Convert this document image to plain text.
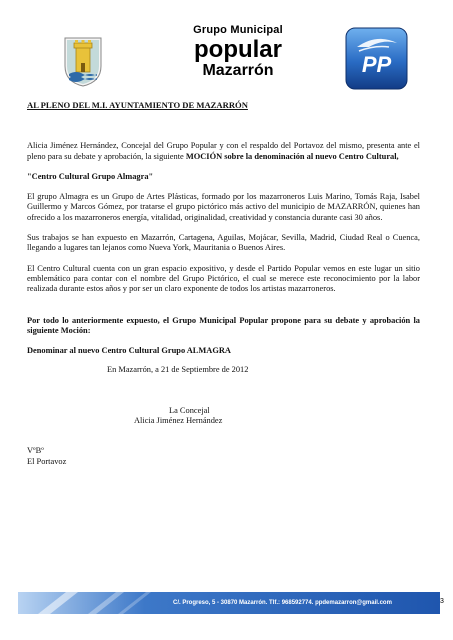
Grupo Municipal
popular
Mazarrón	PP
AL PLENO DEL M.I. AYUNTAMIENTO DE MAZARRÓN
Alicia Jiménez Hernández, Concejal del Grupo Popular y con el respaldo del Portavoz del mismo, presenta ante el pleno para su debate y aprobación, la siguiente MOCIÓN sobre la denominación al nuevo Centro Cultural,
"Centro Cultural Grupo Almagra"
El grupo Almagra es un Grupo de Artes Plásticas, formado por los mazarroneros Luis Marino, Tomás Raja, Isabel Guillermo y Marcos Gómez, por tratarse el grupo pictórico más activo del municipio de MAZARRÓN, quienes han ofrecido a los mazarroneros energía, vitalidad, originalidad, creatividad y constancia durante casi 30 años.
Sus trabajos se han expuesto en Mazarrón, Cartagena, Aguilas, Mojácar, Sevilla, Madrid, Ciudad Real o Cuenca, llegando a lugares tan lejanos como Nueva York, Mauritania o Buenos Aires.
El Centro Cultural cuenta con un gran espacio expositivo, y desde el Partido Popular vemos en este lugar un sitio emblemático para contar con el nombre del Grupo Pictórico, el cual se merece este reconocimiento por la labor realizada durante estos años y por ser un claro exponente de todos los artistas mazarroneros.
Por todo lo anteriormente expuesto, el Grupo Municipal Popular propone para su debate y aprobación la siguiente Moción:
Denominar al nuevo Centro Cultural Grupo ALMAGRA
En Mazarrón, a 21 de Septiembre de 2012
La Concejal
Alicia Jiménez Hernández
VºBº
El Portavoz
C/. Progreso, 5 - 30870 Mazarrón. Tlf.: 968592774. ppdemazarron@gmail.com	3
